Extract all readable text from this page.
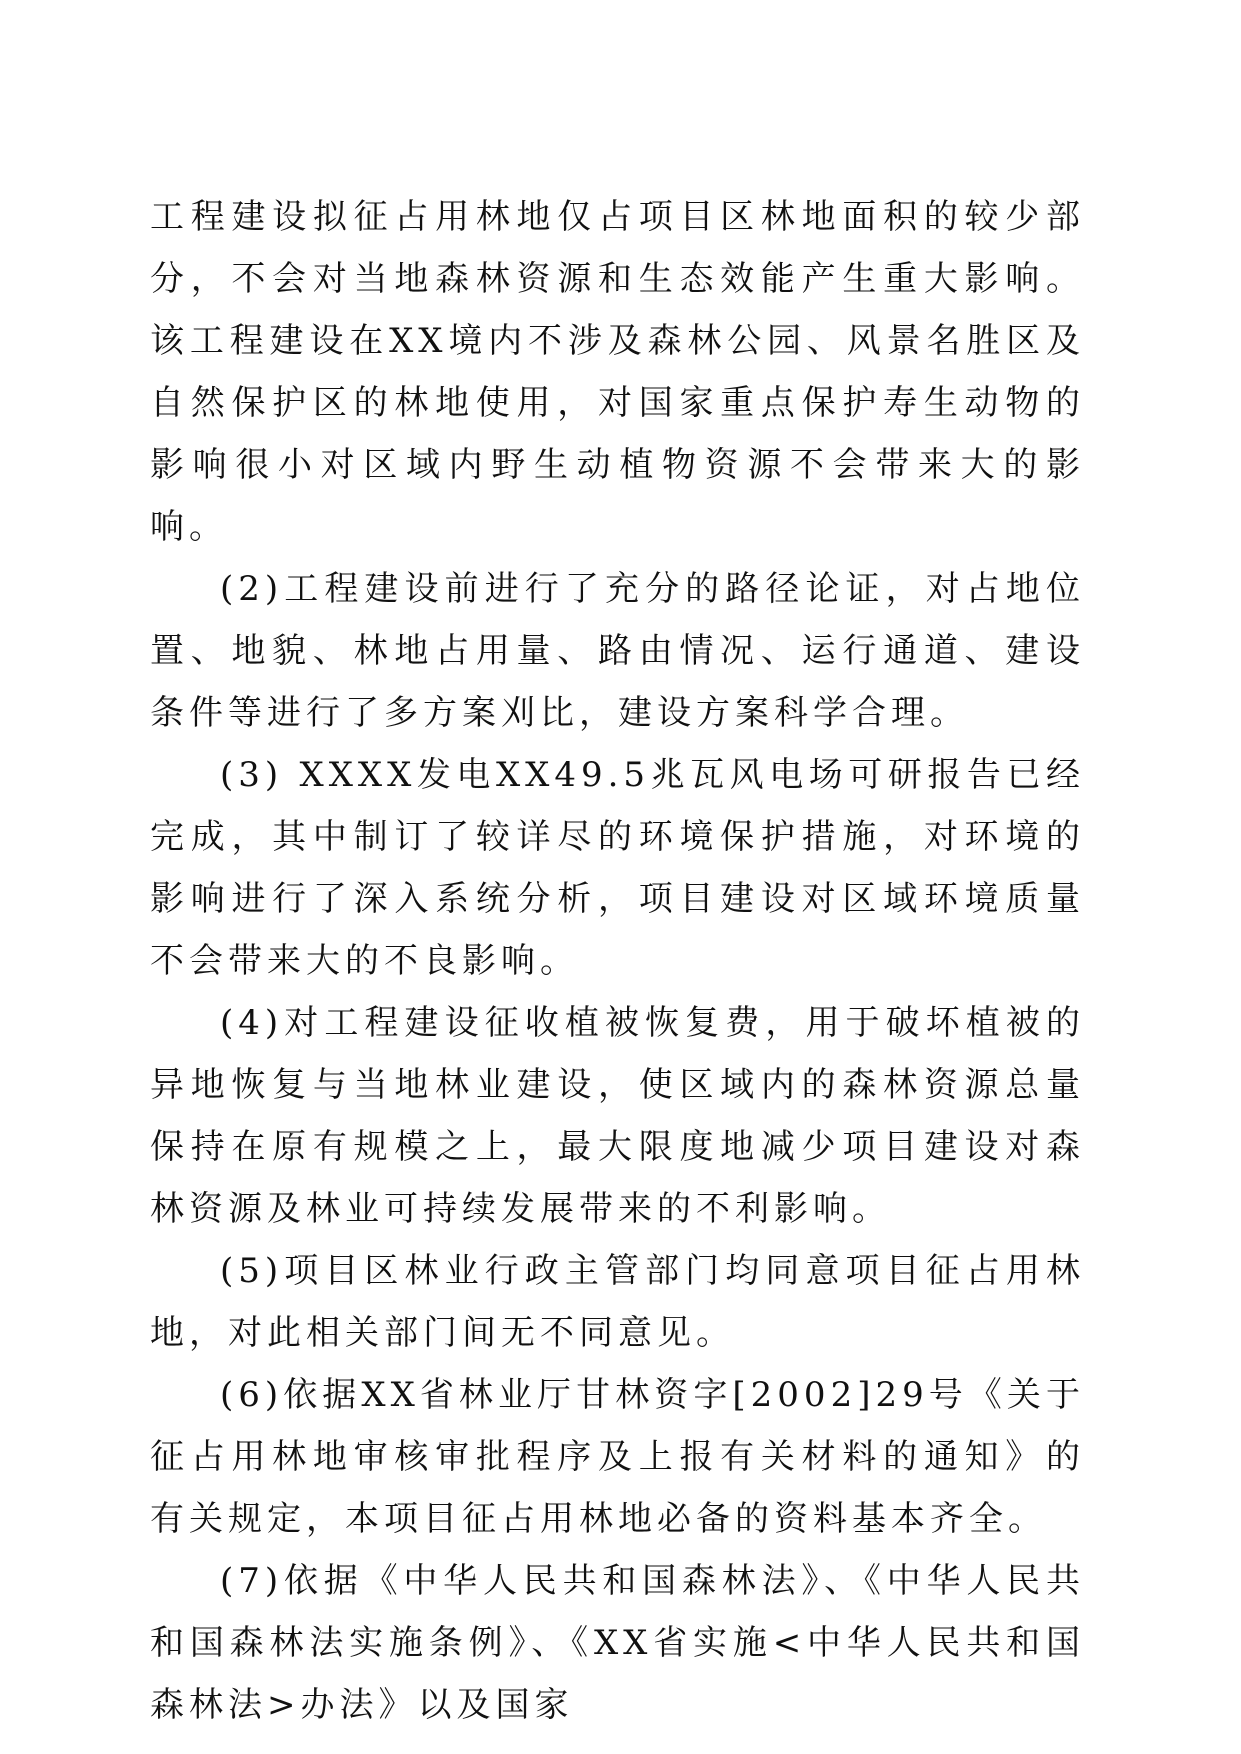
工程建设拟征占用林地仅占项目区林地面积的较少部分，不会对当地森林资源和生态效能产生重大影响。该工程建设在XX境内不涉及森林公园、风景名胜区及自然保护区的林地使用，对国家重点保护寿生动物的影响很小对区域内野生动植物资源不会带来大的影响。

(2)工程建设前进行了充分的路径论证，对占地位置、地貌、林地占用量、路由情况、运行通道、建设条件等进行了多方案刈比，建设方案科学合理。

(3) XXXX发电XX49.5兆瓦风电场可研报告已经完成，其中制订了较详尽的环境保护措施，对环境的影响进行了深入系统分析，项目建设对区域环境质量不会带来大的不良影响。

(4)对工程建设征收植被恢复费，用于破坏植被的异地恢复与当地林业建设，使区域内的森林资源总量保持在原有规模之上，最大限度地减少项目建设对森林资源及林业可持续发展带来的不利影响。

(5)项目区林业行政主管部门均同意项目征占用林地，对此相关部门间无不同意见。

(6)依据XX省林业厅甘林资字[2002]29号《关于征占用林地审核审批程序及上报有关材料的通知》的有关规定，本项目征占用林地必备的资料基本齐全。

(7)依据《中华人民共和国森林法》、《中华人民共和国森林法实施条例》、《XX省实施<中华人民共和国森林法>办法》以及国家
